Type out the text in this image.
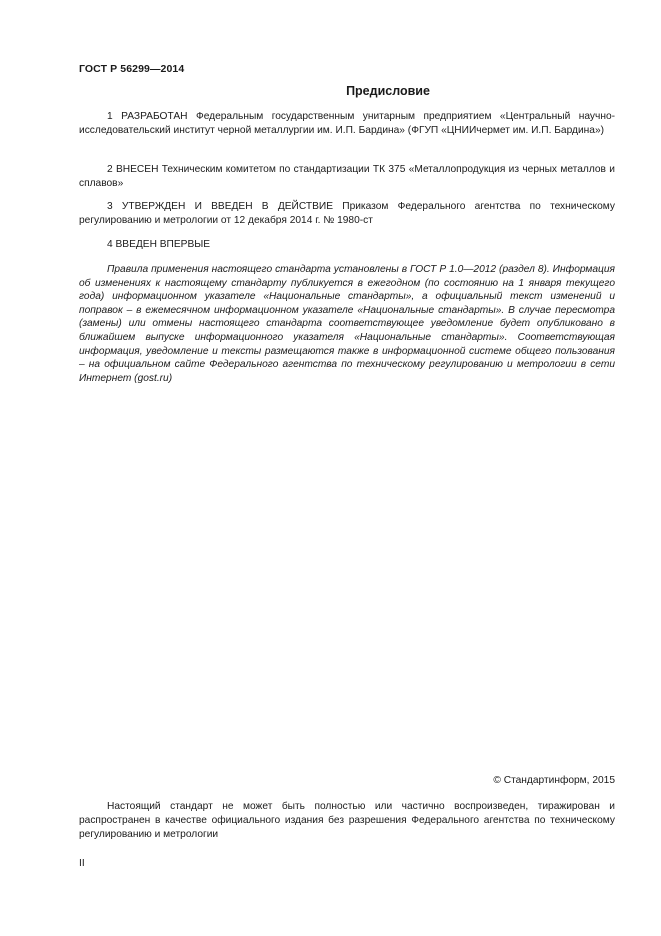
ГОСТ Р 56299—2014
Предисловие

1 РАЗРАБОТАН Федеральным государственным унитарным предприятием «Центральный научно-исследовательский институт черной металлургии им. И.П. Бардина» (ФГУП «ЦНИИчермет им. И.П. Бардина»)

2 ВНЕСЕН Техническим комитетом по стандартизации ТК 375 «Металлопродукция из черных металлов и сплавов»

3 УТВЕРЖДЕН И ВВЕДЕН В ДЕЙСТВИЕ Приказом Федерального агентства по техническому регулированию и метрологии от 12 декабря 2014 г. № 1980-ст

4 ВВЕДЕН ВПЕРВЫЕ

Правила применения настоящего стандарта установлены в ГОСТ Р 1.0—2012 (раздел 8). Информация об изменениях к настоящему стандарту публикуется в ежегодном (по состоянию на 1 января текущего года) информационном указателе «Национальные стандарты», а официальный текст изменений и поправок – в ежемесячном информационном указателе «Национальные стандарты». В случае пересмотра (замены) или отмены настоящего стандарта соответствующее уведомление будет опубликовано в ближайшем выпуске информационного указателя «Национальные стандарты». Соответствующая информация, уведомление и тексты размещаются также в информационной системе общего пользования – на официальном сайте Федерального агентства по техническому регулированию и метрологии в сети Интернет (gost.ru)

© Стандартинформ, 2015

Настоящий стандарт не может быть полностью или частично воспроизведен, тиражирован и распространен в качестве официального издания без разрешения Федерального агентства по техническому регулированию и метрологии

II
